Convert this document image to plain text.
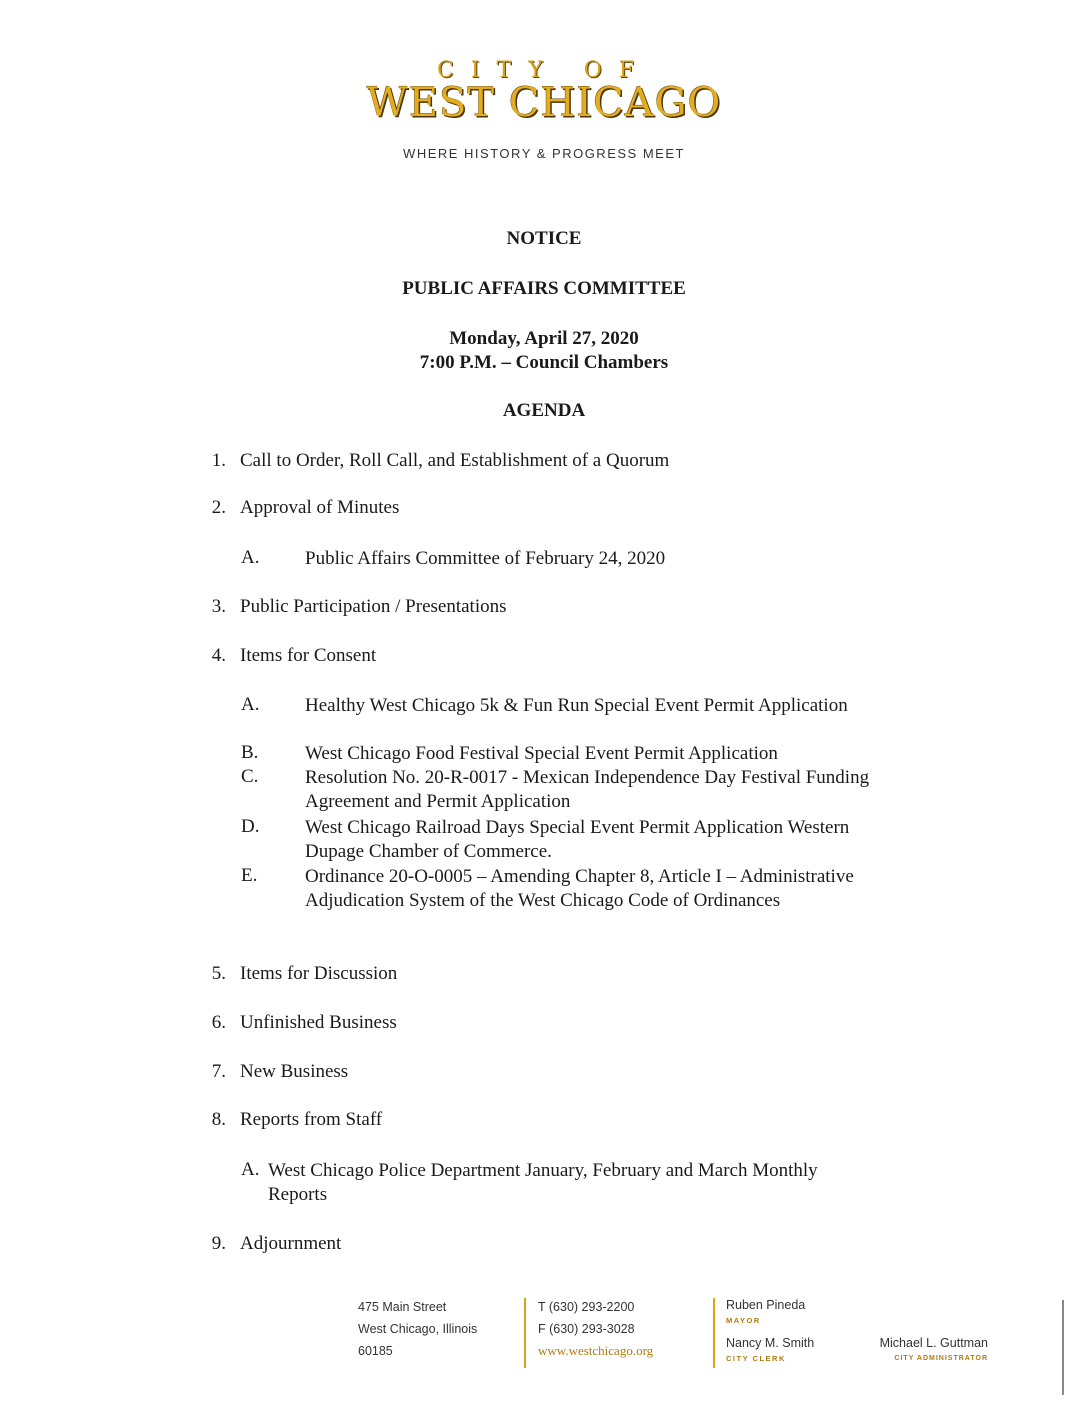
CITY OF
WEST CHICAGO
WHERE HISTORY & PROGRESS MEET
NOTICE
PUBLIC AFFAIRS COMMITTEE
Monday, April 27, 2020
7:00 P.M. – Council Chambers
AGENDA
1. Call to Order, Roll Call, and Establishment of a Quorum
2. Approval of Minutes
A. Public Affairs Committee of February 24, 2020
3. Public Participation / Presentations
4. Items for Consent
A. Healthy West Chicago 5k & Fun Run Special Event Permit Application
B. West Chicago Food Festival Special Event Permit Application
C. Resolution No. 20-R-0017 - Mexican Independence Day Festival Funding Agreement and Permit Application
D. West Chicago Railroad Days Special Event Permit Application Western Dupage Chamber of Commerce.
E.	Ordinance 20-O-0005 – Amending Chapter 8, Article I – Administrative Adjudication System of the West Chicago Code of Ordinances
5. Items for Discussion
6. Unfinished Business
7. New Business
8. Reports from Staff
A. West Chicago Police Department January, February and March Monthly Reports
9. Adjournment
475 Main Street
West Chicago, Illinois
60185
T (630) 293-2200
F (630) 293-3028
www.westchicago.org
Ruben Pineda
MAYOR
Nancy M. Smith
CITY CLERK
Michael L. Guttman
CITY ADMINISTRATOR
